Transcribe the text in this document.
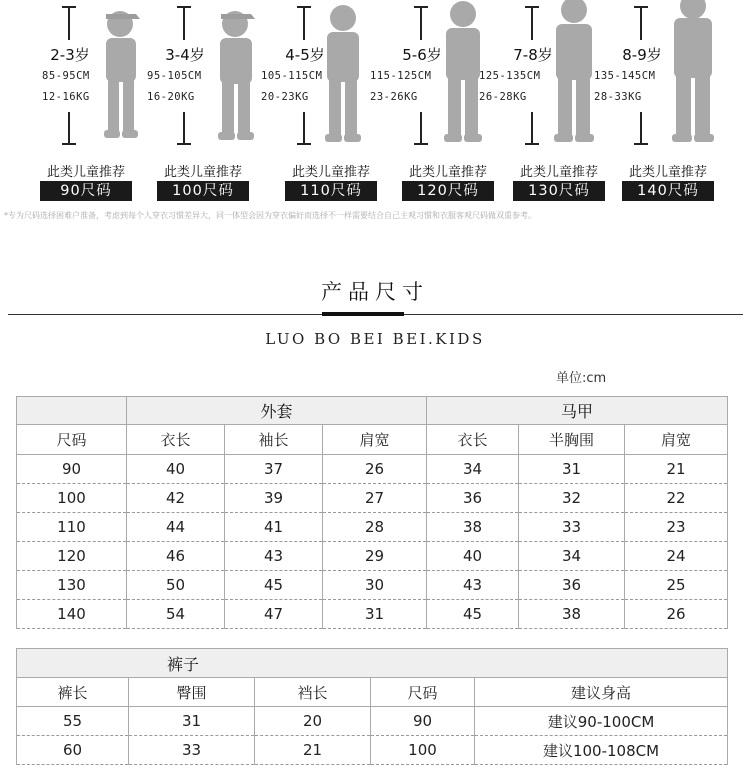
2-3岁
85-95CM
12-16KG
此类儿童推荐
90尺码
3-4岁
95-105CM
16-20KG
此类儿童推荐
100尺码
4-5岁
105-115CM
20-23KG
此类儿童推荐
110尺码
5-6岁
115-125CM
23-26KG
此类儿童推荐
120尺码
7-8岁
125-135CM
26-28KG
此类儿童推荐
130尺码
8-9岁
135-145CM
28-33KG
此类儿童推荐
140尺码
*专为尺码选择困难户准备，考虑到每个人穿衣习惯差异大，同一体型会因为穿衣偏好而选择不一样需要结合自己主观习惯和衣服客观尺码做双重参考。
产品尺寸
LUO BO BEI BEI.KIDS
单位:cm
	外套			马甲		
尺码	衣长	袖长	肩宽	衣长	半胸围	肩宽
90	40	37	26	34	31	21
100	42	39	27	36	32	22
110	44	41	28	38	33	23
120	46	43	29	40	34	24
130	50	45	30	43	36	25
140	54	47	31	45	38	26
裤子				
裤长	臀围	裆长	尺码	建议身高
55	31	20	90	建议90-100CM
60	33	21	100	建议100-108CM
